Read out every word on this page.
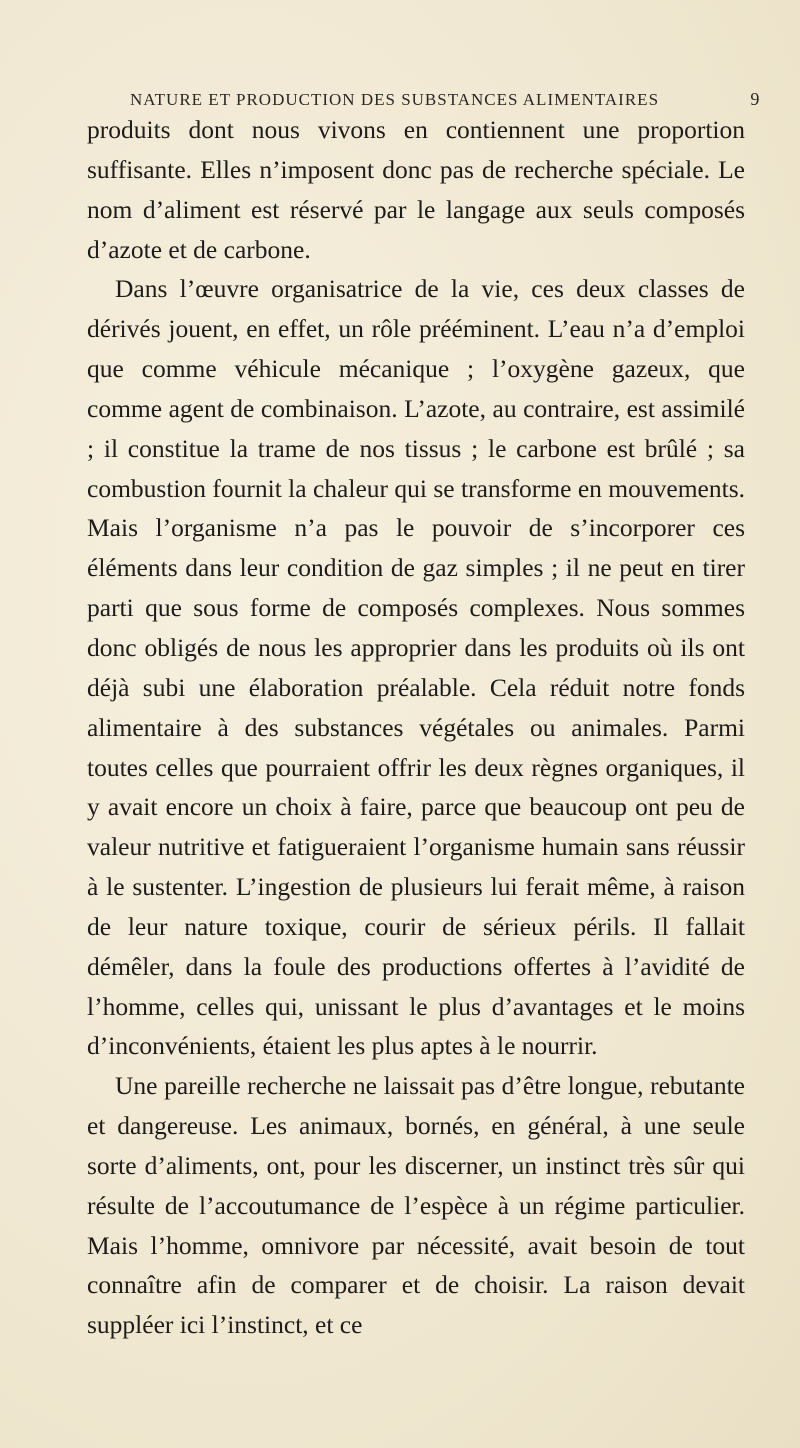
NATURE ET PRODUCTION DES SUBSTANCES ALIMENTAIRES	9

produits dont nous vivons en contiennent une proportion suffisante. Elles n’imposent donc pas de recherche spéciale. Le nom d’aliment est réservé par le langage aux seuls composés d’azote et de carbone.

Dans l’œuvre organisatrice de la vie, ces deux classes de dérivés jouent, en effet, un rôle prééminent. L’eau n’a d’emploi que comme véhicule mécanique ; l’oxygène gazeux, que comme agent de combinaison. L’azote, au contraire, est assimilé ; il constitue la trame de nos tissus ; le carbone est brûlé ; sa combustion fournit la chaleur qui se transforme en mouvements. Mais l’organisme n’a pas le pouvoir de s’incorporer ces éléments dans leur condition de gaz simples ; il ne peut en tirer parti que sous forme de composés complexes. Nous sommes donc obligés de nous les approprier dans les produits où ils ont déjà subi une élaboration préalable. Cela réduit notre fonds alimentaire à des substances végétales ou animales. Parmi toutes celles que pourraient offrir les deux règnes organiques, il y avait encore un choix à faire, parce que beaucoup ont peu de valeur nutritive et fatigueraient l’organisme humain sans réussir à le sustenter. L’ingestion de plusieurs lui ferait même, à raison de leur nature toxique, courir de sérieux périls. Il fallait démêler, dans la foule des productions offertes à l’avidité de l’homme, celles qui, unissant le plus d’avantages et le moins d’inconvénients, étaient les plus aptes à le nourrir.

Une pareille recherche ne laissait pas d’être longue, rebutante et dangereuse. Les animaux, bornés, en général, à une seule sorte d’aliments, ont, pour les discerner, un instinct très sûr qui résulte de l’accoutumance de l’espèce à un régime particulier. Mais l’homme, omnivore par nécessité, avait besoin de tout connaître afin de comparer et de choisir. La raison devait suppléer ici l’instinct, et ce
